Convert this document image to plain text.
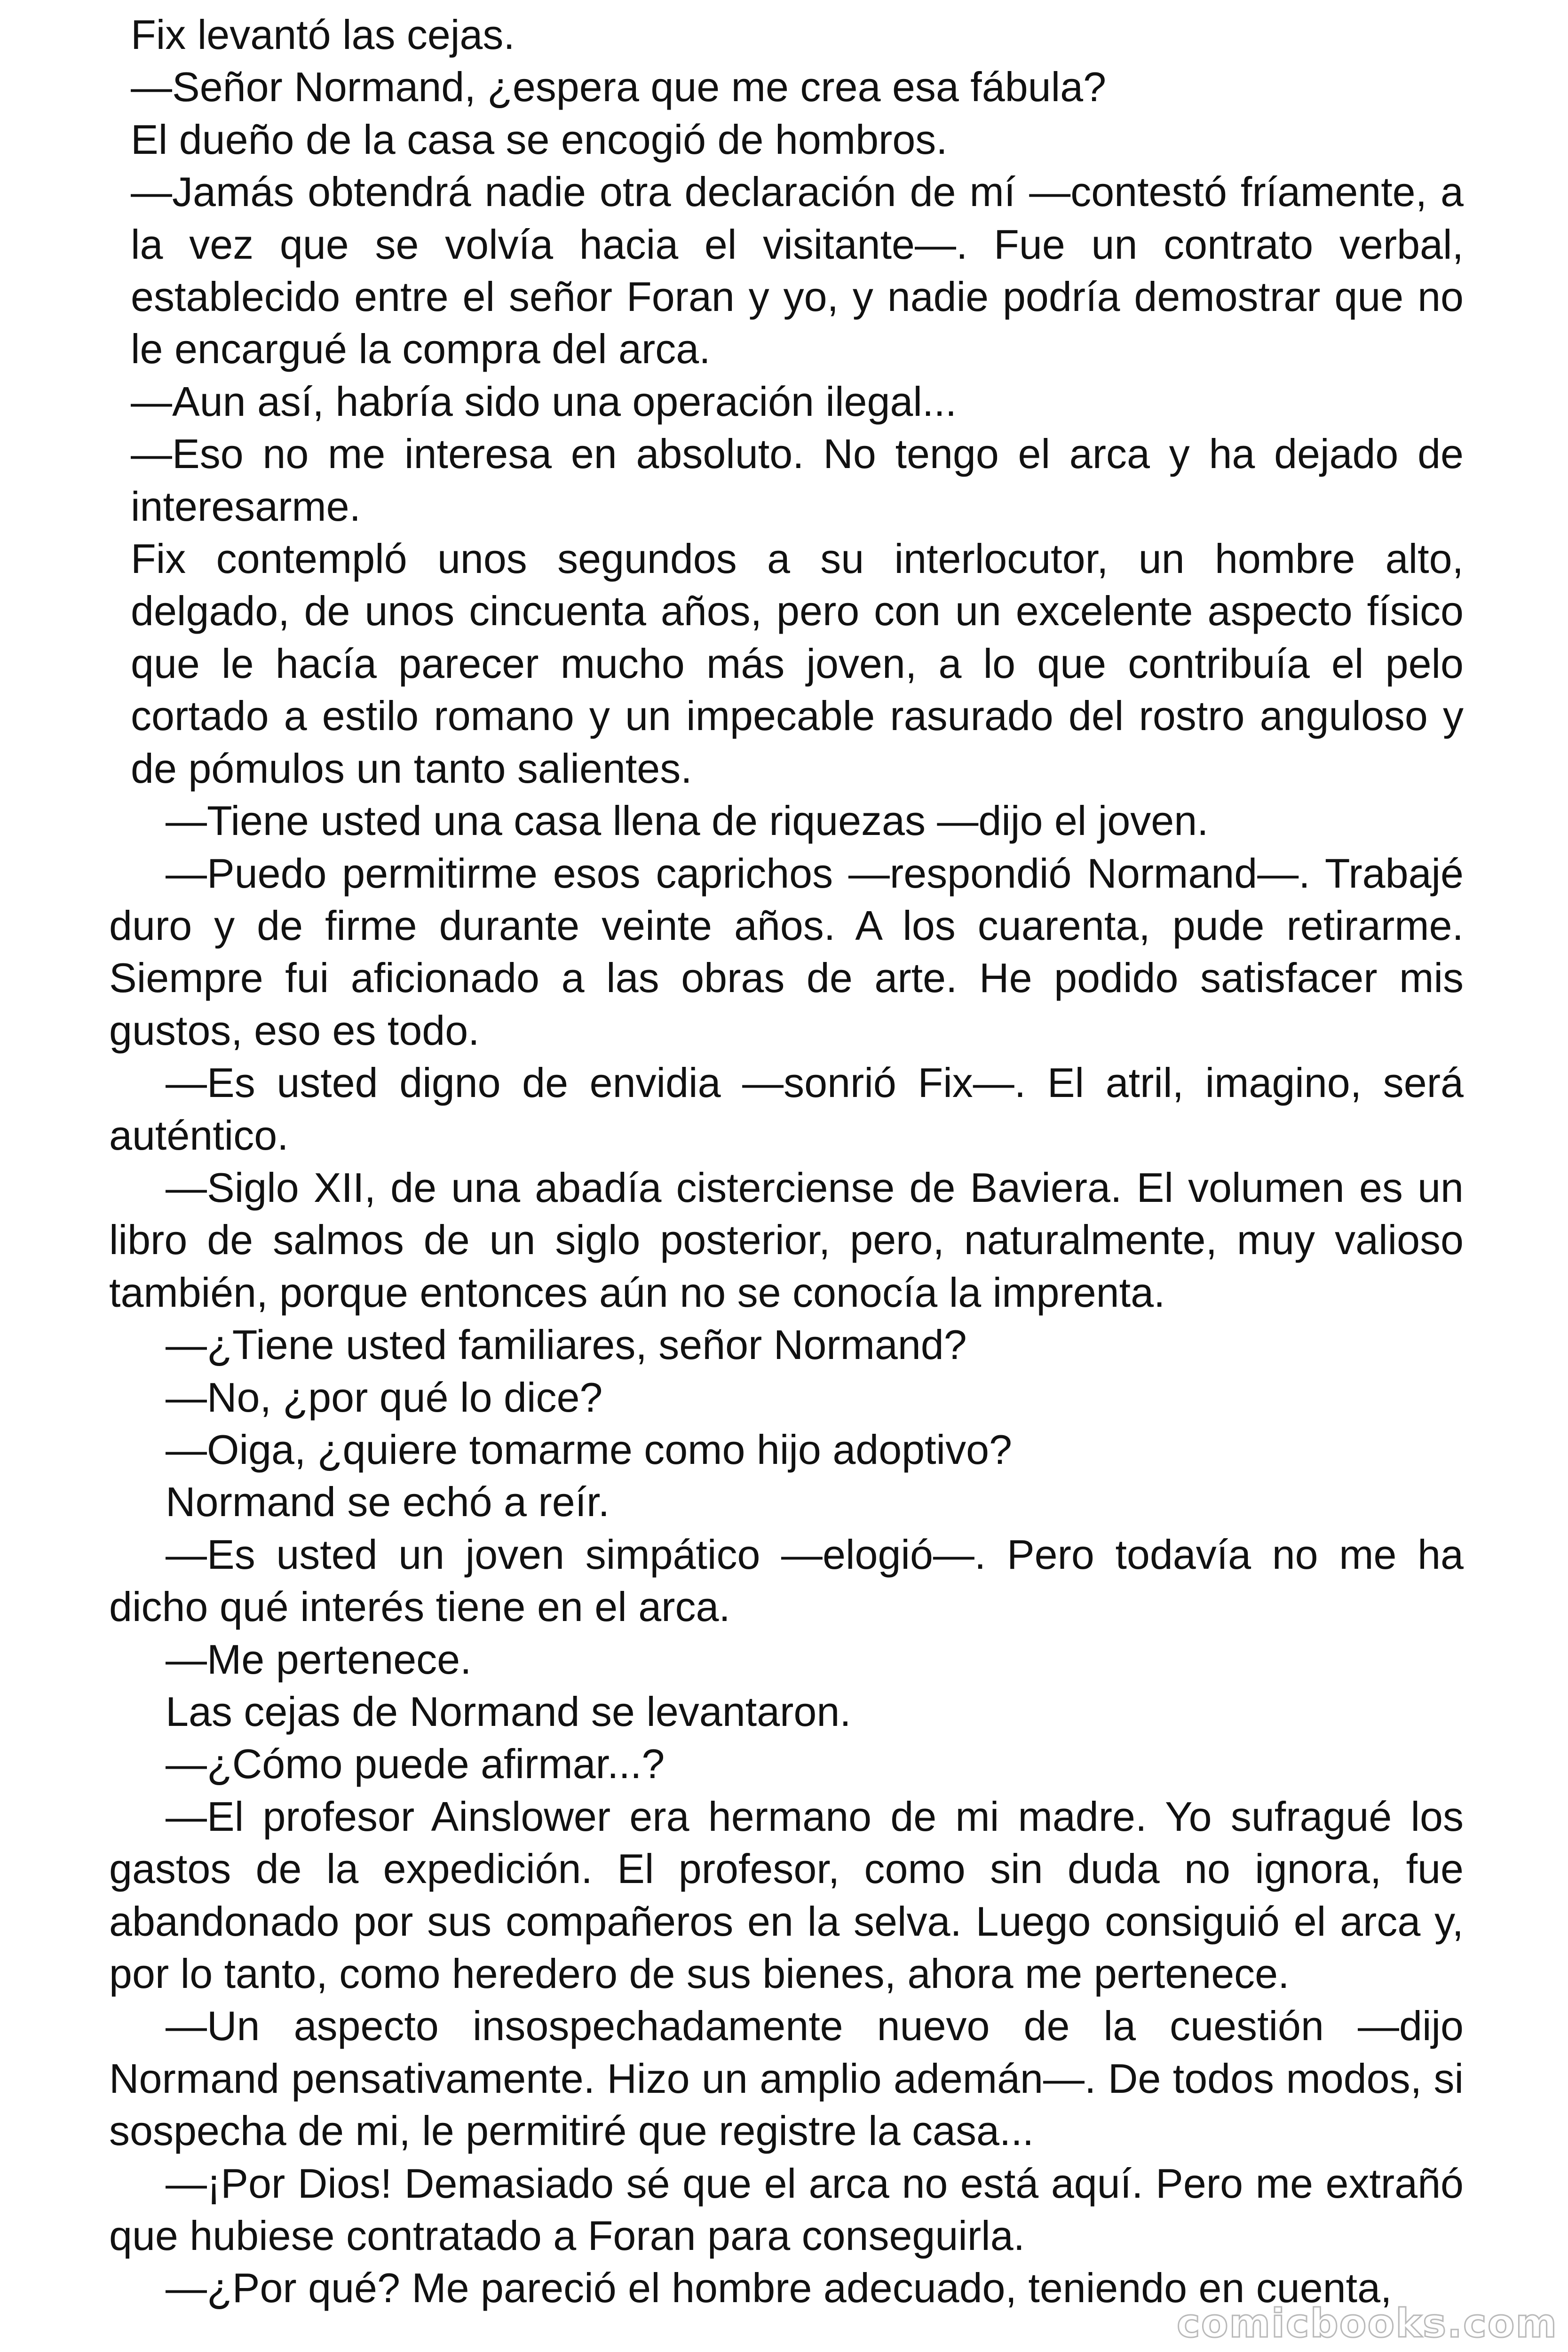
Fix levantó las cejas.

—Señor Normand, ¿espera que me crea esa fábula?

El dueño de la casa se encogió de hombros.

—Jamás obtendrá nadie otra declaración de mí —contestó fríamente, a la vez que se volvía hacia el visitante—. Fue un contrato verbal, establecido entre el señor Foran y yo, y nadie podría demostrar que no le encargué la compra del arca.

—Aun así, habría sido una operación ilegal...

—Eso no me interesa en absoluto. No tengo el arca y ha dejado de interesarme.

Fix contempló unos segundos a su interlocutor, un hombre alto, delgado, de unos cincuenta años, pero con un excelente aspecto físico que le hacía parecer mucho más joven, a lo que contribuía el pelo cortado a estilo romano y un impecable rasurado del rostro anguloso y de pómulos un tanto salientes.

—Tiene usted una casa llena de riquezas —dijo el joven.

—Puedo permitirme esos caprichos —respondió Normand—. Trabajé duro y de firme durante veinte años. A los cuarenta, pude retirarme. Siempre fui aficionado a las obras de arte. He podido satisfacer mis gustos, eso es todo.

—Es usted digno de envidia —sonrió Fix—. El atril, imagino, será auténtico.

—Siglo XII, de una abadía cisterciense de Baviera. El volumen es un libro de salmos de un siglo posterior, pero, naturalmente, muy valioso también, porque entonces aún no se conocía la imprenta.

—¿Tiene usted familiares, señor Normand?

—No, ¿por qué lo dice?

—Oiga, ¿quiere tomarme como hijo adoptivo?

Normand se echó a reír.

—Es usted un joven simpático —elogió—. Pero todavía no me ha dicho qué interés tiene en el arca.

—Me pertenece.

Las cejas de Normand se levantaron.

—¿Cómo puede afirmar...?

—El profesor Ainslower era hermano de mi madre. Yo sufragué los gastos de la expedición. El profesor, como sin duda no ignora, fue abandonado por sus compañeros en la selva. Luego consiguió el arca y, por lo tanto, como heredero de sus bienes, ahora me pertenece.

—Un aspecto insospechadamente nuevo de la cuestión —dijo Normand pensativamente. Hizo un amplio ademán—. De todos modos, si sospecha de mi, le permitiré que registre la casa...

—¡Por Dios! Demasiado sé que el arca no está aquí. Pero me extrañó que hubiese contratado a Foran para conseguirla.

—¿Por qué? Me pareció el hombre adecuado, teniendo en cuenta,

comicbooks.com
